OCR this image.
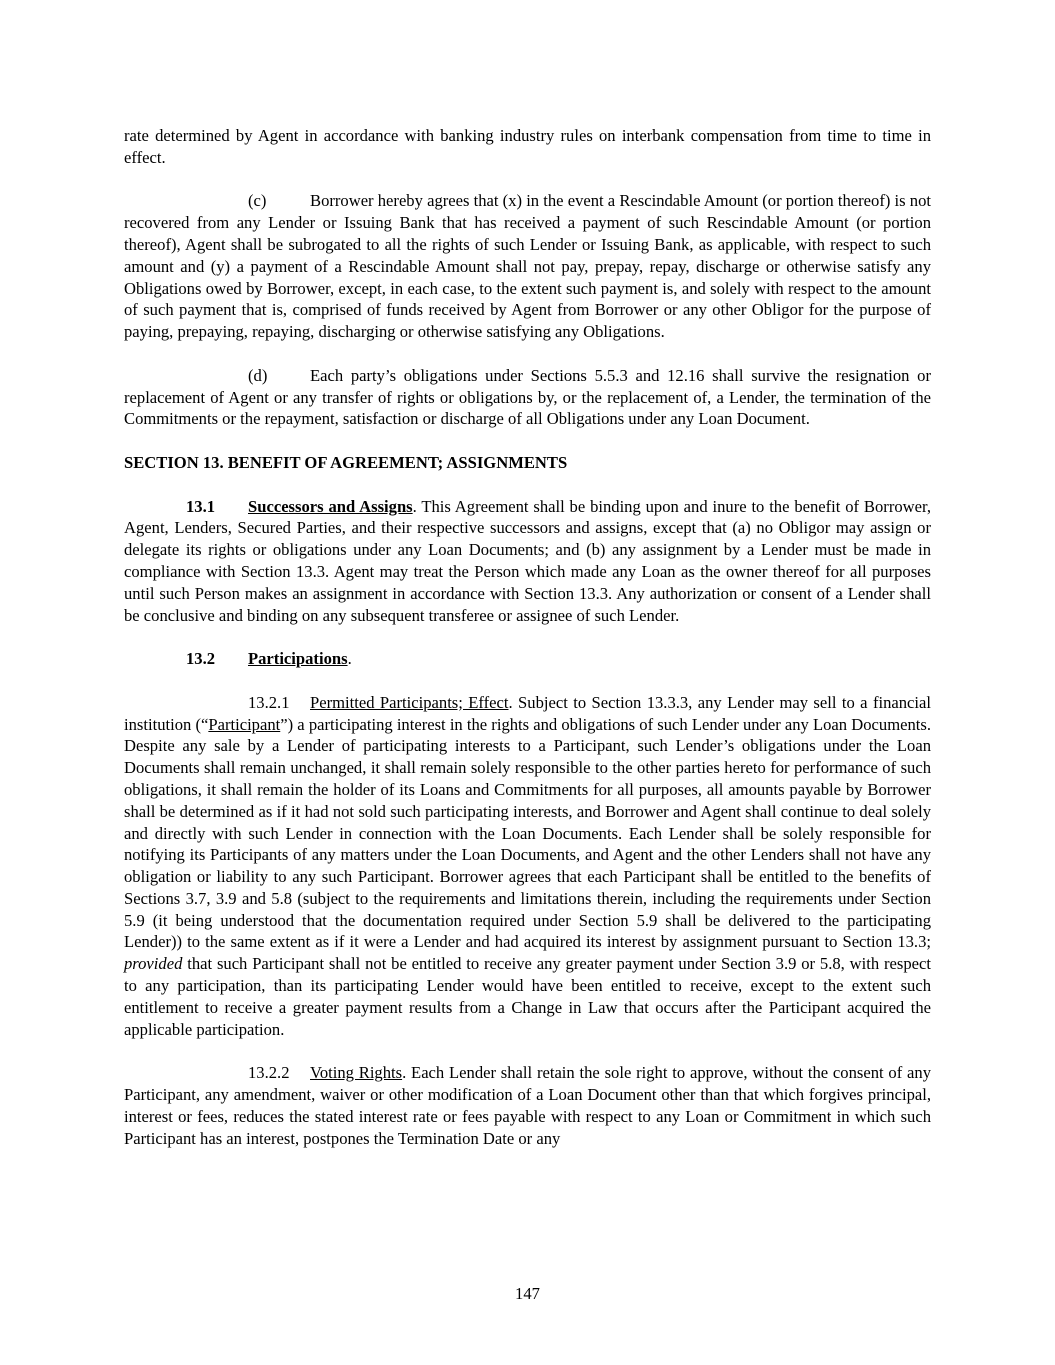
rate determined by Agent in accordance with banking industry rules on interbank compensation from time to time in effect.

(c)	Borrower hereby agrees that (x) in the event a Rescindable Amount (or portion thereof) is not recovered from any Lender or Issuing Bank that has received a payment of such Rescindable Amount (or portion thereof), Agent shall be subrogated to all the rights of such Lender or Issuing Bank, as applicable, with respect to such amount and (y) a payment of a Rescindable Amount shall not pay, prepay, repay, discharge or otherwise satisfy any Obligations owed by Borrower, except, in each case, to the extent such payment is, and solely with respect to the amount of such payment that is, comprised of funds received by Agent from Borrower or any other Obligor for the purpose of paying, prepaying, repaying, discharging or otherwise satisfying any Obligations.

(d)	Each party’s obligations under Sections 5.5.3 and 12.16 shall survive the resignation or replacement of Agent or any transfer of rights or obligations by, or the replacement of, a Lender, the termination of the Commitments or the repayment, satisfaction or discharge of all Obligations under any Loan Document.

SECTION 13. BENEFIT OF AGREEMENT; ASSIGNMENTS

13.1 Successors and Assigns. This Agreement shall be binding upon and inure to the benefit of Borrower, Agent, Lenders, Secured Parties, and their respective successors and assigns, except that (a) no Obligor may assign or delegate its rights or obligations under any Loan Documents; and (b) any assignment by a Lender must be made in compliance with Section 13.3. Agent may treat the Person which made any Loan as the owner thereof for all purposes until such Person makes an assignment in accordance with Section 13.3. Any authorization or consent of a Lender shall be conclusive and binding on any subsequent transferee or assignee of such Lender.

13.2 Participations.

13.2.1 Permitted Participants; Effect. Subject to Section 13.3.3, any Lender may sell to a financial institution (“Participant”) a participating interest in the rights and obligations of such Lender under any Loan Documents. Despite any sale by a Lender of participating interests to a Participant, such Lender’s obligations under the Loan Documents shall remain unchanged, it shall remain solely responsible to the other parties hereto for performance of such obligations, it shall remain the holder of its Loans and Commitments for all purposes, all amounts payable by Borrower shall be determined as if it had not sold such participating interests, and Borrower and Agent shall continue to deal solely and directly with such Lender in connection with the Loan Documents. Each Lender shall be solely responsible for notifying its Participants of any matters under the Loan Documents, and Agent and the other Lenders shall not have any obligation or liability to any such Participant. Borrower agrees that each Participant shall be entitled to the benefits of Sections 3.7, 3.9 and 5.8 (subject to the requirements and limitations therein, including the requirements under Section 5.9 (it being understood that the documentation required under Section 5.9 shall be delivered to the participating Lender)) to the same extent as if it were a Lender and had acquired its interest by assignment pursuant to Section 13.3; provided that such Participant shall not be entitled to receive any greater payment under Section 3.9 or 5.8, with respect to any participation, than its participating Lender would have been entitled to receive, except to the extent such entitlement to receive a greater payment results from a Change in Law that occurs after the Participant acquired the applicable participation.

13.2.2 Voting Rights. Each Lender shall retain the sole right to approve, without the consent of any Participant, any amendment, waiver or other modification of a Loan Document other than that which forgives principal, interest or fees, reduces the stated interest rate or fees payable with respect to any Loan or Commitment in which such Participant has an interest, postpones the Termination Date or any

147
